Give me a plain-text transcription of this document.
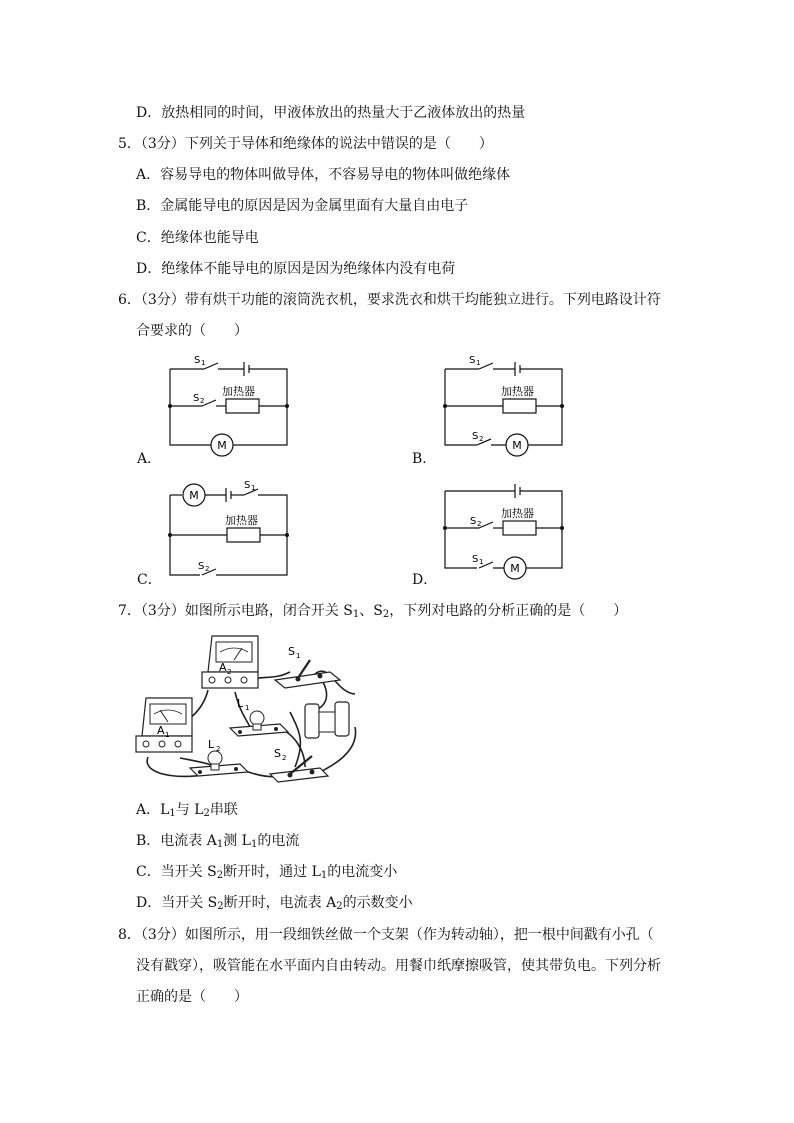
D．放热相同的时间，甲液体放出的热量大于乙液体放出的热量
5．（3分）下列关于导体和绝缘体的说法中错误的是（　　）
A．容易导电的物体叫做导体，不容易导电的物体叫做绝缘体
B．金属能导电的原因是因为金属里面有大量自由电子
C．绝缘体也能导电
D．绝缘体不能导电的原因是因为绝缘体内没有电荷
6．（3分）带有烘干功能的滚筒洗衣机，要求洗衣和烘干均能独立进行。下列电路设计符
合要求的（　　）
M
S 1
S 2
加热器
A．
M
S 1
S 2
加热器
B．
M
S 1
S 2
加热器
C．
M
S 1
S 2
加热器
D．
7．（3分）如图所示电路，闭合开关 $S_1$、$S_2$，下列对电路的分析正确的是（　　）
A 2
A 1
S 1
L 1
L 2	S 2
A．$L_1$与 $L_2$串联
B．电流表 $A_1$测 $L_1$的电流
C．当开关 $S_2$断开时，通过 $L_1$的电流变小
D．当开关 $S_2$断开时，电流表 $A_2$的示数变小
8．（3分）如图所示，用一段细铁丝做一个支架（作为转动轴），把一根中间戳有小孔（
没有戳穿），吸管能在水平面内自由转动。用餐巾纸摩擦吸管，使其带负电。下列分析
正确的是（　　）
